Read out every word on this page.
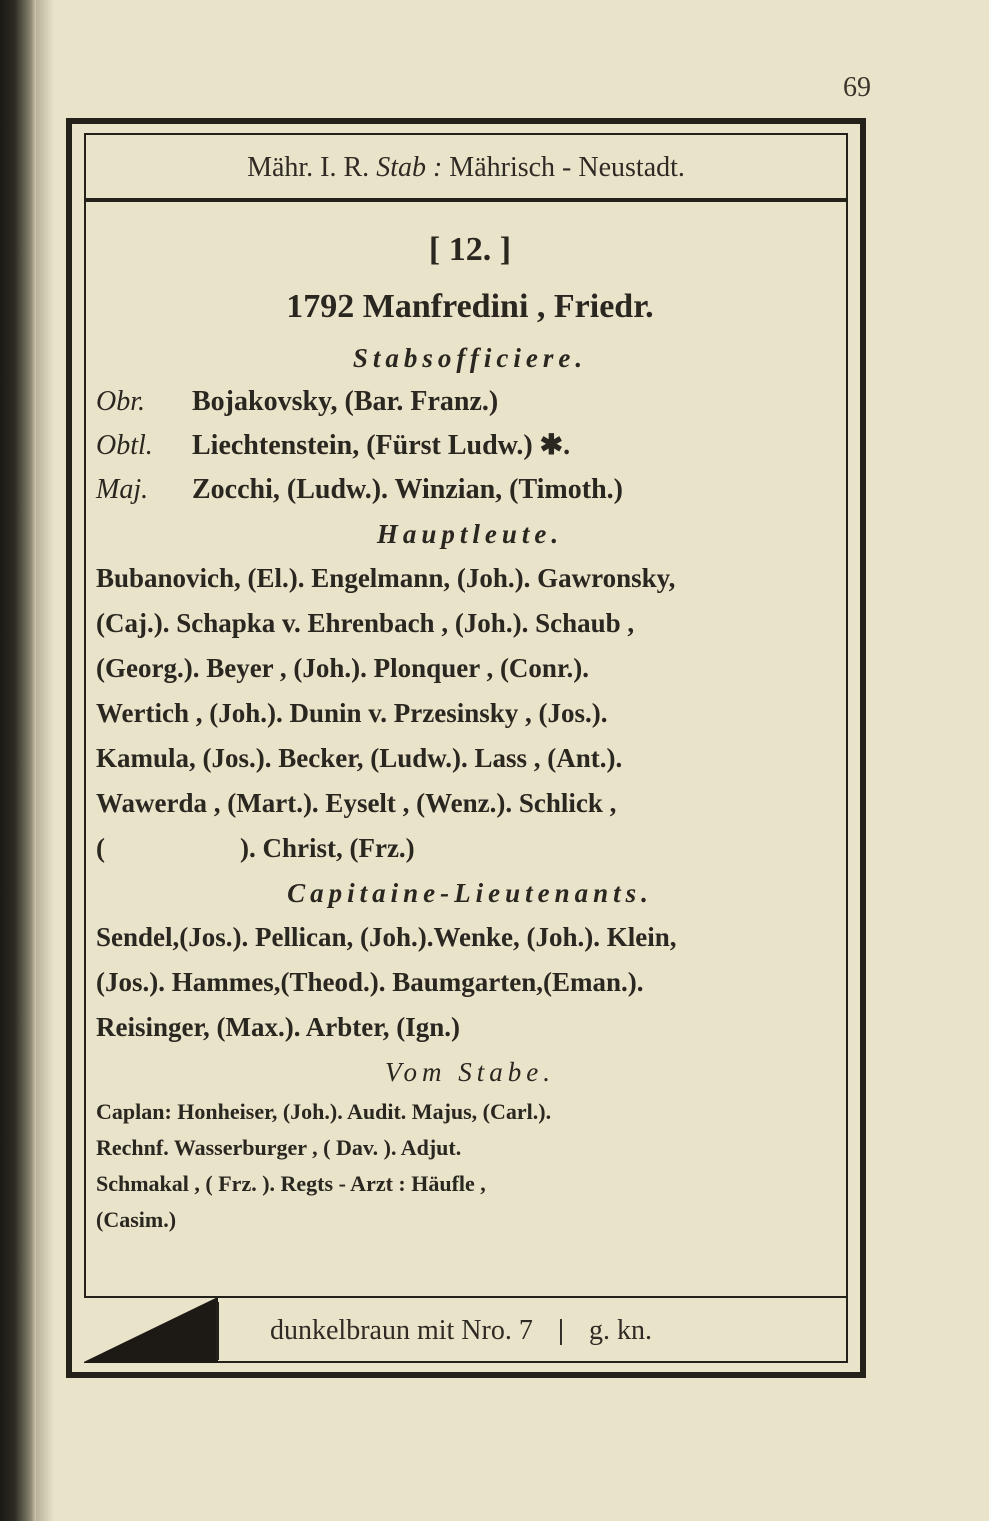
69
Mähr. I. R. Stab : Mährisch - Neustadt.
[ 12. ]
1792 Manfredini , Friedr.
Stabsofficiere.
Obr. Bojakovsky, (Bar. Franz.)
Obtl. Liechtenstein, (Fürst Ludw.) ✱.
Maj. Zocchi, (Ludw.). Winzian, (Timoth.)
Hauptleute.

Bubanovich, (El.). Engelmann, (Joh.). Gawronsky,
(Caj.). Schapka v. Ehrenbach , (Joh.). Schaub ,
(Georg.). Beyer , (Joh.). Plonquer , (Conr.).
Wertich , (Joh.). Dunin v. Przesinsky , (Jos.).
Kamula, (Jos.). Becker, (Ludw.). Lass , (Ant.).
Wawerda , (Mart.). Eyselt , (Wenz.). Schlick ,
(                    ). Christ, (Frz.)

Capitaine-Lieutenants.

Sendel,(Jos.). Pellican, (Joh.).Wenke, (Joh.). Klein,
(Jos.). Hammes,(Theod.). Baumgarten,(Eman.).
Reisinger, (Max.). Arbter, (Ign.)

Vom Stabe.

Caplan: Honheiser, (Joh.). Audit. Majus, (Carl.).
Rechnf. Wasserburger , ( Dav. ). Adjut.
Schmakal , ( Frz. ). Regts - Arzt : Häufle ,
(Casim.)

dunkelbraun mit Nro. 7 | g. kn.
